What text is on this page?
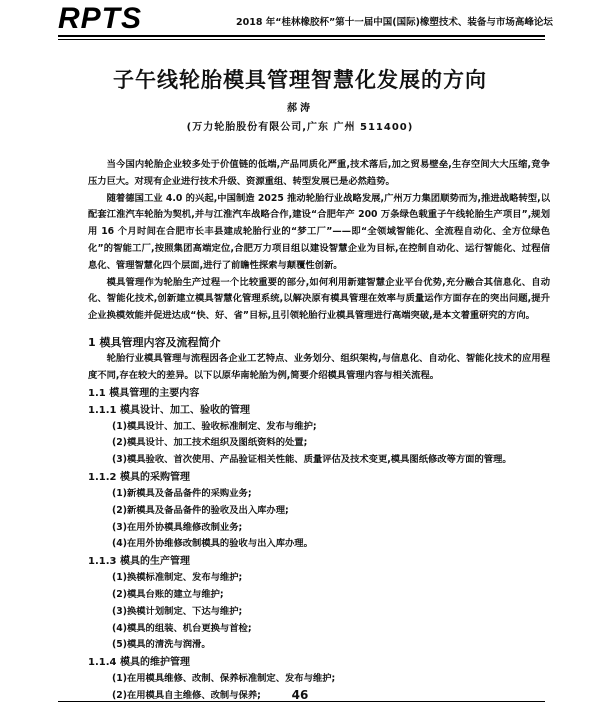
RPTS	2018 年“桂林橡胶杯”第十一届中国(国际)橡塑技术、装备与市场高峰论坛
子午线轮胎模具管理智慧化发展的方向
郝涛
(万力轮胎股份有限公司,广东 广州 511400)

当今国内轮胎企业较多处于价值链的低端,产品同质化严重,技术落后,加之贸易壁垒,生存空间大大压缩,竞争压力巨大。对现有企业进行技术升级、资源重组、转型发展已是必然趋势。

随着德国工业 4.0 的兴起,中国制造 2025 推动轮胎行业战略发展,广州万力集团顺势而为,推进战略转型,以配套江淮汽车轮胎为契机,并与江淮汽车战略合作,建设“合肥年产 200 万条绿色载重子午线轮胎生产项目”,规划用 16 个月时间在合肥市长丰县建成轮胎行业的“梦工厂”——即“全领域智能化、全流程自动化、全方位绿色化”的智能工厂,按照集团高端定位,合肥万力项目组以建设智慧企业为目标,在控制自动化、运行智能化、过程信息化、管理智慧化四个层面,进行了前瞻性探索与颠覆性创新。

模具管理作为轮胎生产过程一个比较重要的部分,如何利用新建智慧企业平台优势,充分融合其信息化、自动化、智能化技术,创新建立模具智慧化管理系统,以解决原有模具管理在效率与质量运作方面存在的突出问题,提升企业换模效能并促进达成“快、好、省”目标,且引领轮胎行业模具管理进行高端突破,是本文着重研究的方向。

1 模具管理内容及流程简介

轮胎行业模具管理与流程因各企业工艺特点、业务划分、组织架构,与信息化、自动化、智能化技术的应用程度不同,存在较大的差异。以下以原华南轮胎为例,简要介绍模具管理内容与相关流程。

1.1 模具管理的主要内容
1.1.1 模具设计、加工、验收的管理
(1)模具设计、加工、验收标准制定、发布与维护;
(2)模具设计、加工技术组织及图纸资料的处置;
(3)模具验收、首次使用、产品验证相关性能、质量评估及技术变更,模具图纸修改等方面的管理。
1.1.2 模具的采购管理
(1)新模具及备品备件的采购业务;
(2)新模具及备品备件的验收及出入库办理;
(3)在用外协模具维修改制业务;
(4)在用外协维修改制模具的验收与出入库办理。
1.1.3 模具的生产管理
(1)换模标准制定、发布与维护;
(2)模具台账的建立与维护;
(3)换模计划制定、下达与维护;
(4)模具的组装、机台更换与首检;
(5)模具的清洗与润滑。
1.1.4 模具的维护管理
(1)在用模具维修、改制、保养标准制定、发布与维护;
(2)在用模具自主维修、改制与保养;	46
